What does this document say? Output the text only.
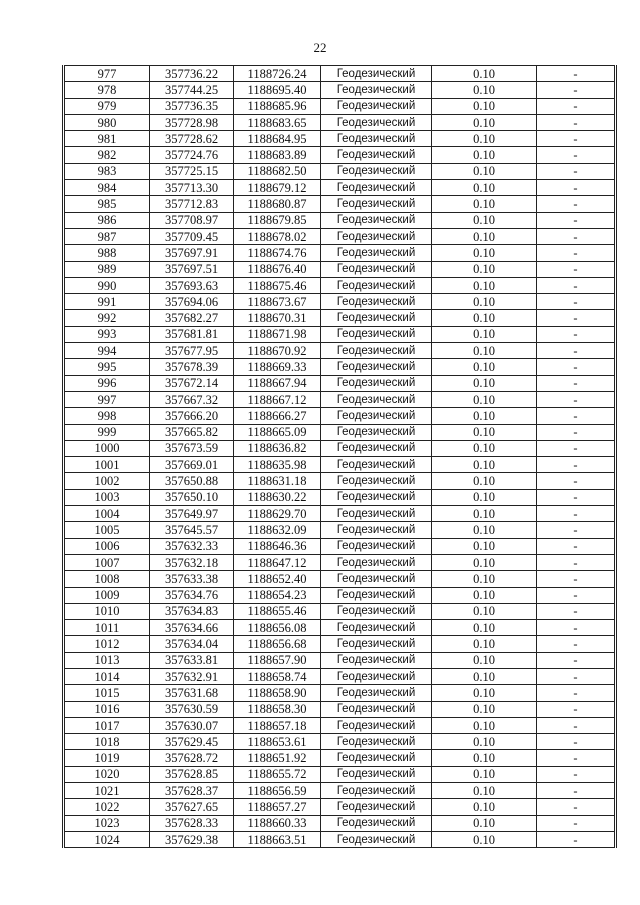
22
977	357736.22	1188726.24	Геодезический	0.10	-
978	357744.25	1188695.40	Геодезический	0.10	-
979	357736.35	1188685.96	Геодезический	0.10	-
980	357728.98	1188683.65	Геодезический	0.10	-
981	357728.62	1188684.95	Геодезический	0.10	-
982	357724.76	1188683.89	Геодезический	0.10	-
983	357725.15	1188682.50	Геодезический	0.10	-
984	357713.30	1188679.12	Геодезический	0.10	-
985	357712.83	1188680.87	Геодезический	0.10	-
986	357708.97	1188679.85	Геодезический	0.10	-
987	357709.45	1188678.02	Геодезический	0.10	-
988	357697.91	1188674.76	Геодезический	0.10	-
989	357697.51	1188676.40	Геодезический	0.10	-
990	357693.63	1188675.46	Геодезический	0.10	-
991	357694.06	1188673.67	Геодезический	0.10	-
992	357682.27	1188670.31	Геодезический	0.10	-
993	357681.81	1188671.98	Геодезический	0.10	-
994	357677.95	1188670.92	Геодезический	0.10	-
995	357678.39	1188669.33	Геодезический	0.10	-
996	357672.14	1188667.94	Геодезический	0.10	-
997	357667.32	1188667.12	Геодезический	0.10	-
998	357666.20	1188666.27	Геодезический	0.10	-
999	357665.82	1188665.09	Геодезический	0.10	-
1000	357673.59	1188636.82	Геодезический	0.10	-
1001	357669.01	1188635.98	Геодезический	0.10	-
1002	357650.88	1188631.18	Геодезический	0.10	-
1003	357650.10	1188630.22	Геодезический	0.10	-
1004	357649.97	1188629.70	Геодезический	0.10	-
1005	357645.57	1188632.09	Геодезический	0.10	-
1006	357632.33	1188646.36	Геодезический	0.10	-
1007	357632.18	1188647.12	Геодезический	0.10	-
1008	357633.38	1188652.40	Геодезический	0.10	-
1009	357634.76	1188654.23	Геодезический	0.10	-
1010	357634.83	1188655.46	Геодезический	0.10	-
1011	357634.66	1188656.08	Геодезический	0.10	-
1012	357634.04	1188656.68	Геодезический	0.10	-
1013	357633.81	1188657.90	Геодезический	0.10	-
1014	357632.91	1188658.74	Геодезический	0.10	-
1015	357631.68	1188658.90	Геодезический	0.10	-
1016	357630.59	1188658.30	Геодезический	0.10	-
1017	357630.07	1188657.18	Геодезический	0.10	-
1018	357629.45	1188653.61	Геодезический	0.10	-
1019	357628.72	1188651.92	Геодезический	0.10	-
1020	357628.85	1188655.72	Геодезический	0.10	-
1021	357628.37	1188656.59	Геодезический	0.10	-
1022	357627.65	1188657.27	Геодезический	0.10	-
1023	357628.33	1188660.33	Геодезический	0.10	-
1024	357629.38	1188663.51	Геодезический	0.10	-
